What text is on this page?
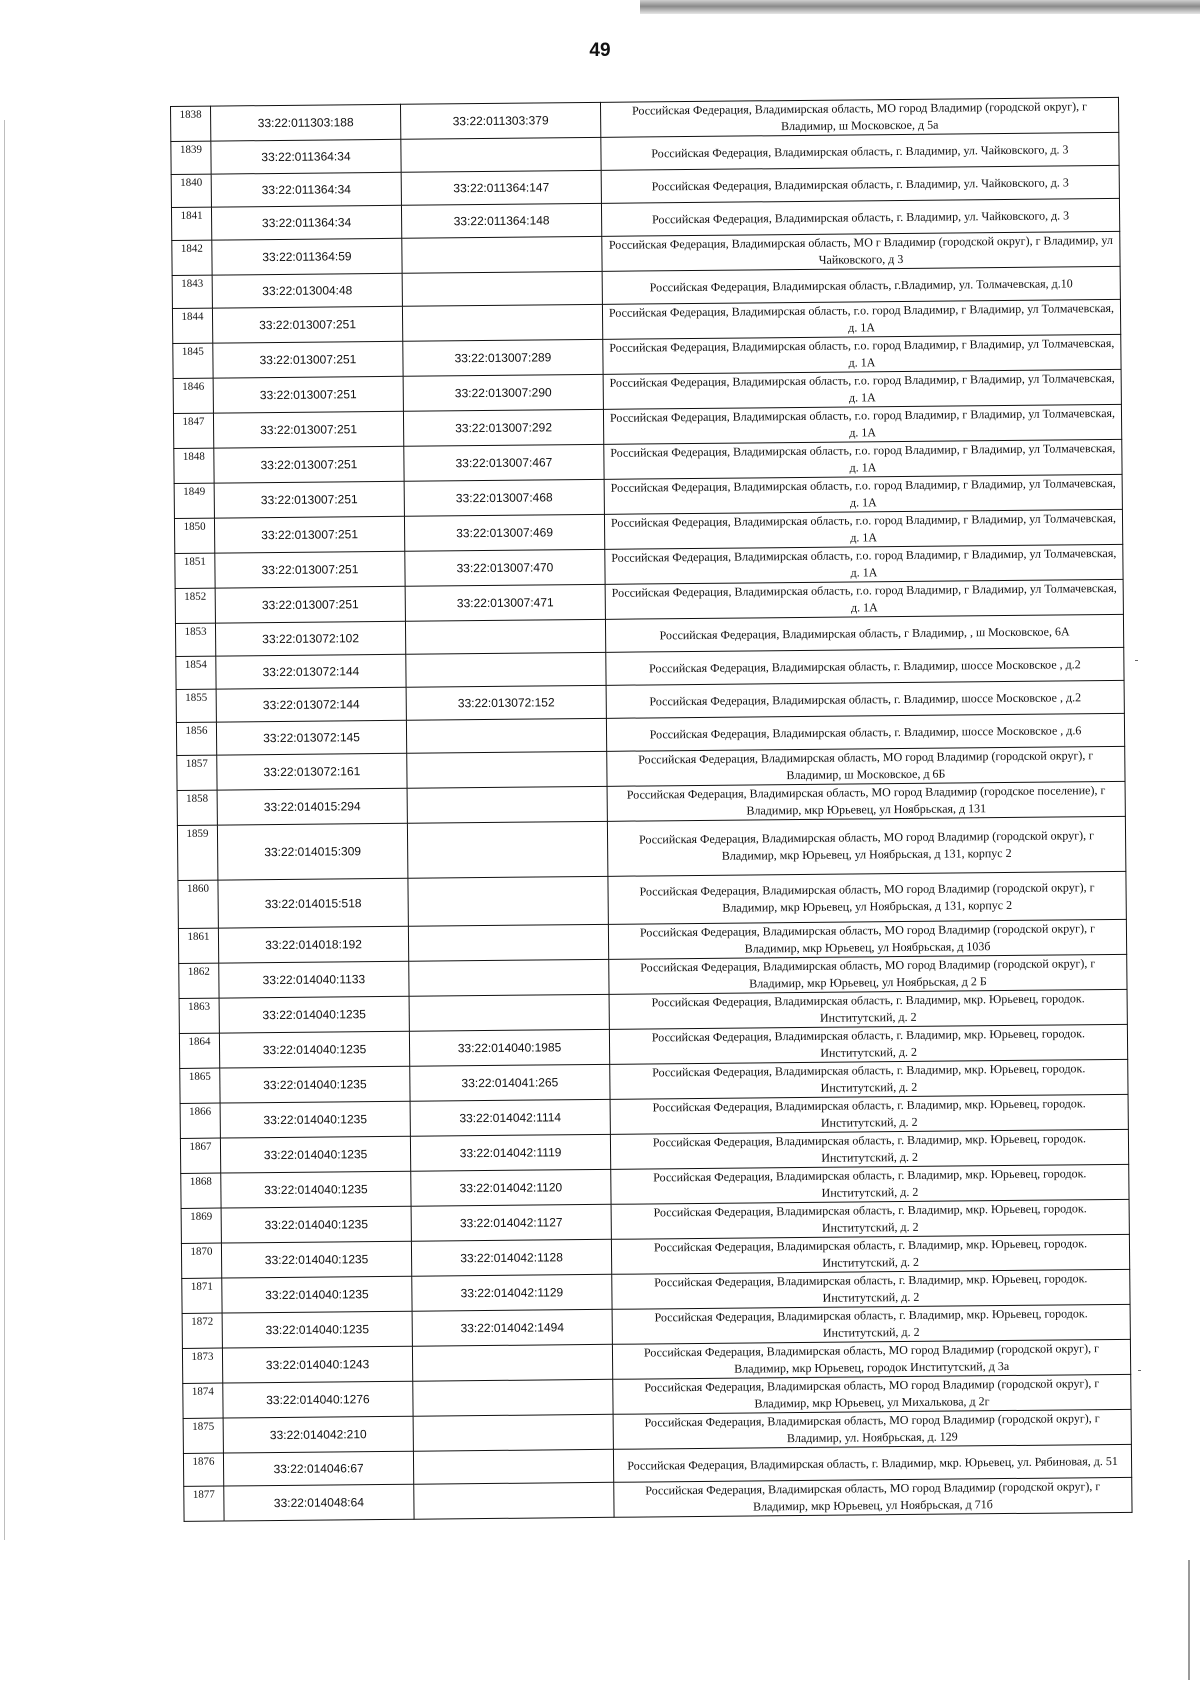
49
1838	33:22:011303:188	33:22:011303:379	Российская Федерация, Владимирская область, МО город Владимир (городской округ), г Владимир, ш Московское, д 5а
1839	33:22:011364:34		Российская Федерация, Владимирская область, г. Владимир, ул. Чайковского, д. 3
1840	33:22:011364:34	33:22:011364:147	Российская Федерация, Владимирская область, г. Владимир, ул. Чайковского, д. 3
1841	33:22:011364:34	33:22:011364:148	Российская Федерация, Владимирская область, г. Владимир, ул. Чайковского, д. 3
1842	33:22:011364:59		Российская Федерация, Владимирская область, МО г Владимир (городской округ), г Владимир, ул Чайковского, д 3
1843	33:22:013004:48		Российская Федерация, Владимирская область, г.Владимир, ул. Толмачевская, д.10
1844	33:22:013007:251		Российская Федерация, Владимирская область, г.о. город Владимир, г Владимир, ул Толмачевская, д. 1А
1845	33:22:013007:251	33:22:013007:289	Российская Федерация, Владимирская область, г.о. город Владимир, г Владимир, ул Толмачевская, д. 1А
1846	33:22:013007:251	33:22:013007:290	Российская Федерация, Владимирская область, г.о. город Владимир, г Владимир, ул Толмачевская, д. 1А
1847	33:22:013007:251	33:22:013007:292	Российская Федерация, Владимирская область, г.о. город Владимир, г Владимир, ул Толмачевская, д. 1А
1848	33:22:013007:251	33:22:013007:467	Российская Федерация, Владимирская область, г.о. город Владимир, г Владимир, ул Толмачевская, д. 1А
1849	33:22:013007:251	33:22:013007:468	Российская Федерация, Владимирская область, г.о. город Владимир, г Владимир, ул Толмачевская, д. 1А
1850	33:22:013007:251	33:22:013007:469	Российская Федерация, Владимирская область, г.о. город Владимир, г Владимир, ул Толмачевская, д. 1А
1851	33:22:013007:251	33:22:013007:470	Российская Федерация, Владимирская область, г.о. город Владимир, г Владимир, ул Толмачевская, д. 1А
1852	33:22:013007:251	33:22:013007:471	Российская Федерация, Владимирская область, г.о. город Владимир, г Владимир, ул Толмачевская, д. 1А
1853	33:22:013072:102		Российская Федерация, Владимирская область, г Владимир, , ш Московское, 6А
1854	33:22:013072:144		Российская Федерация, Владимирская область, г. Владимир, шоссе Московское , д.2
1855	33:22:013072:144	33:22:013072:152	Российская Федерация, Владимирская область, г. Владимир, шоссе Московское , д.2
1856	33:22:013072:145		Российская Федерация, Владимирская область, г. Владимир, шоссе Московское , д.6
1857	33:22:013072:161		Российская Федерация, Владимирская область, МО город Владимир (городской округ), г Владимир, ш Московское, д 6Б
1858	33:22:014015:294		Российская Федерация, Владимирская область, МО город Владимир (городское поселение), г Владимир, мкр Юрьевец, ул Ноябрьская, д 131
1859	33:22:014015:309		Российская Федерация, Владимирская область, МО город Владимир (городской округ), г Владимир, мкр Юрьевец, ул Ноябрьская, д 131, корпус 2
1860	33:22:014015:518		Российская Федерация, Владимирская область, МО город Владимир (городской округ), г Владимир, мкр Юрьевец, ул Ноябрьская, д 131, корпус 2
1861	33:22:014018:192		Российская Федерация, Владимирская область, МО город Владимир (городской округ), г Владимир, мкр Юрьевец, ул Ноябрьская, д 103б
1862	33:22:014040:1133		Российская Федерация, Владимирская область, МО город Владимир (городской округ), г Владимир, мкр Юрьевец, ул Ноябрьская, д 2 Б
1863	33:22:014040:1235		Российская Федерация, Владимирская область, г. Владимир, мкр. Юрьевец, городок. Институтский, д. 2
1864	33:22:014040:1235	33:22:014040:1985	Российская Федерация, Владимирская область, г. Владимир, мкр. Юрьевец, городок. Институтский, д. 2
1865	33:22:014040:1235	33:22:014041:265	Российская Федерация, Владимирская область, г. Владимир, мкр. Юрьевец, городок. Институтский, д. 2
1866	33:22:014040:1235	33:22:014042:1114	Российская Федерация, Владимирская область, г. Владимир, мкр. Юрьевец, городок. Институтский, д. 2
1867	33:22:014040:1235	33:22:014042:1119	Российская Федерация, Владимирская область, г. Владимир, мкр. Юрьевец, городок. Институтский, д. 2
1868	33:22:014040:1235	33:22:014042:1120	Российская Федерация, Владимирская область, г. Владимир, мкр. Юрьевец, городок. Институтский, д. 2
1869	33:22:014040:1235	33:22:014042:1127	Российская Федерация, Владимирская область, г. Владимир, мкр. Юрьевец, городок. Институтский, д. 2
1870	33:22:014040:1235	33:22:014042:1128	Российская Федерация, Владимирская область, г. Владимир, мкр. Юрьевец, городок. Институтский, д. 2
1871	33:22:014040:1235	33:22:014042:1129	Российская Федерация, Владимирская область, г. Владимир, мкр. Юрьевец, городок. Институтский, д. 2
1872	33:22:014040:1235	33:22:014042:1494	Российская Федерация, Владимирская область, г. Владимир, мкр. Юрьевец, городок. Институтский, д. 2
1873	33:22:014040:1243		Российская Федерация, Владимирская область, МО город Владимир (городской округ), г Владимир, мкр Юрьевец, городок Институтский, д 3а
1874	33:22:014040:1276		Российская Федерация, Владимирская область, МО город Владимир (городской округ), г Владимир, мкр Юрьевец, ул Михалькова, д 2г
1875	33:22:014042:210		Российская Федерация, Владимирская область, МО город Владимир (городской округ), г Владимир, ул. Ноябрьская, д. 129
1876	33:22:014046:67		Российская Федерация, Владимирская область, г. Владимир, мкр. Юрьевец, ул. Рябиновая, д. 51
1877	33:22:014048:64		Российская Федерация, Владимирская область, МО город Владимир (городской округ), г Владимир, мкр Юрьевец, ул Ноябрьская, д 71б
